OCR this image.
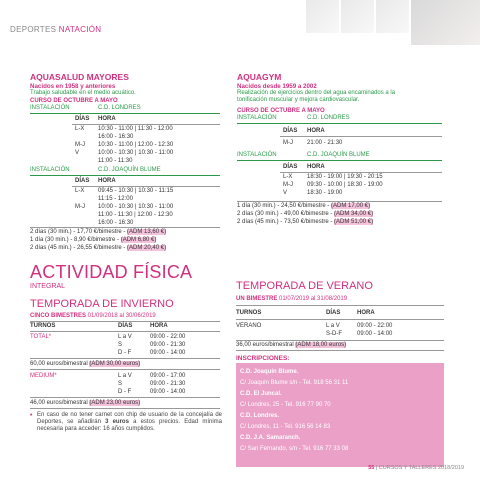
DEPORTES NATACIÓN
AQUASALUD MAYORES
Nacidos en 1958 y anteriores
Trabajo saludable en el medio acuático.
CURSO DE OCTUBRE A MAYO
INSTALACIÓN	C.D. LONDRES
DÍAS HORA
L-X 10:30 - 11:00 | 11:30 - 12:00
16:00 - 16:30
M-J 10:30 - 11:00 | 12:00 - 12:30
V	10:00 - 10:30 | 10:30 - 11:00
11:00 - 11:30
INSTALACIÓN	C.D. JOAQUÍN BLUME
DÍAS HORA
L-X 09:45 - 10:30 | 10:30 - 11:15
11:15 - 12:00
M-J 10:00 - 10:30 | 10:30 - 11:00
11:00 - 11:30 | 12:00 - 12:30
16:00 - 16:30
2 días (30 min.) - 17,70 €/bimestre - (ADM 13,60 €)
1 día (30 min.) - 8,90 €/bimestre - (ADM 6,80 €)
2 días (45 min.) - 26,55 €/bimestre - (ADM 20,40 €)
AQUAGYM
Nacidos desde 1959 a 2002
Realización de ejercicios dentro del agua encaminados a la
tonificación muscular y mejora cardiovascular.
CURSO DE OCTUBRE A MAYO
INSTALACIÓN	C.D. LONDRES
DÍAS HORA
M-J 21:00 - 21:30
INSTALACIÓN	C.D. JOAQUÍN BLUME
DÍAS HORA
L-X 18:30 - 19:00 | 19:30 - 20:15
M-J 09:30 - 10:00 | 18:30 - 19:00
V	18:30 - 19:00
1 día (30 min.) - 24,50 €/bimestre - (ADM 17,00 €)
2 días (30 min.) - 49,00 €/bimestre - (ADM 34,00 €)
2 días (45 min.) - 73,50 €/bimestre - (ADM 51,00 €)
ACTIVIDAD FÍSICA
INTEGRAL
TEMPORADA DE INVIERNO
CINCO BIMESTRES 01/09/2018 al 30/06/2019
TURNOS	DÍAS	HORA
TOTAL*	L a V	09:00 - 22:00
S	09:00 - 21:30
D - F	09:00 - 14:00
60,00 euros/bimestral (ADM 30,00 euros)
MEDIUM*	L a V	09:00 - 17:00
S	09:00 - 21:30
D - F	09:00 - 14:00
46,00 euros/bimestral (ADM 23,00 euros)
• En caso de no tener carnet con chip de usuario de la concejalía de Deportes, se añadirán 3 euros a estos precios. Edad mínima necesaria para acceder: 16 años cumplidos.
TEMPORADA DE VERANO
UN BIMESTRE 01/07/2019 al 31/08/2019
TURNOS	DÍAS	HORA
VERANO	L a V	09:00 - 22:00
S-D-F	09:00 - 14:00
36,00 euros/bimestral (ADM 18,00 euros)
INSCRIPCIONES:
C.D. Joaquín Blume.
C/ Joaquín Blume s/n - Tel. 918 56 31 11
C.D. El Juncal.
C/ Londres, 25 - Tel. 916 77 90 70
C.D. Londres.
C/ Londres, 11 - Tel. 916 56 14 83
C.D. J.A. Samaranch.
C/ San Fernando, s/n - Tel. 916 77 33 08
55 | CURSOS Y TALLERES 2018/2019
